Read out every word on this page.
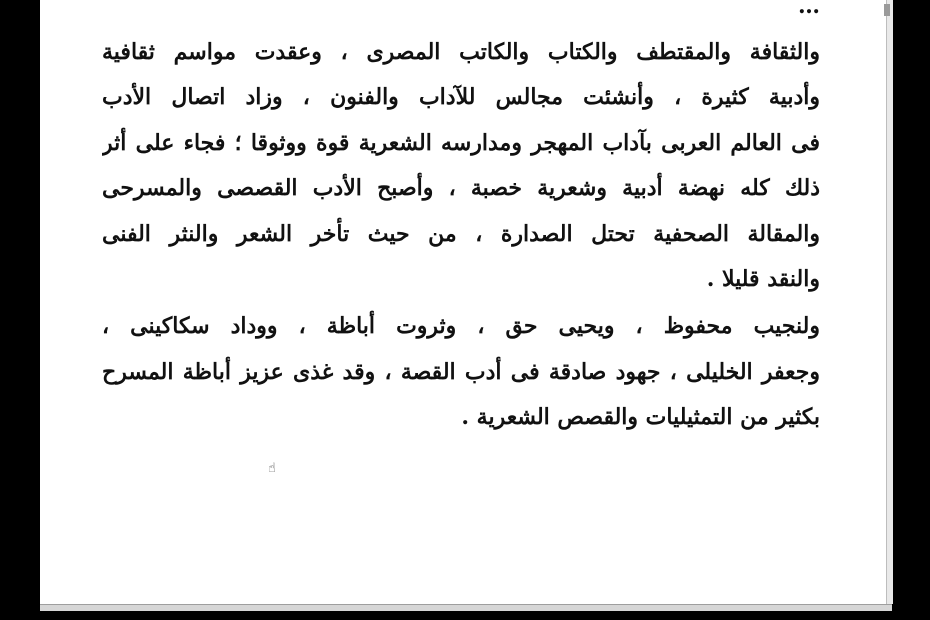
…
والثقافة والمقتطف والكتاب والكاتب المصرى ، وعقدت مواسم ثقافية
وأدبية كثيرة ، وأنشئت مجالس للآداب والفنون ، وزاد اتصال الأدب
فى العالم العربى بآداب المهجر ومدارسه الشعرية قوة ووثوقا ؛ فجاء على أثر
ذلك كله نهضة أدبية وشعرية خصبة ، وأصبح الأدب القصصى والمسرحى
والمقالة الصحفية تحتل الصدارة ، من حيث تأخر الشعر والنثر الفنى
والنقد قليلا .
ولنجيب محفوظ ، ويحيى حق ، وثروت أباظة ، ووداد سكاكينى ،
وجعفر الخليلى ، جهود صادقة فى أدب القصة ، وقد غذى عزيز أباظة المسرح
بكثير من التمثيليات والقصص الشعرية .
☝
